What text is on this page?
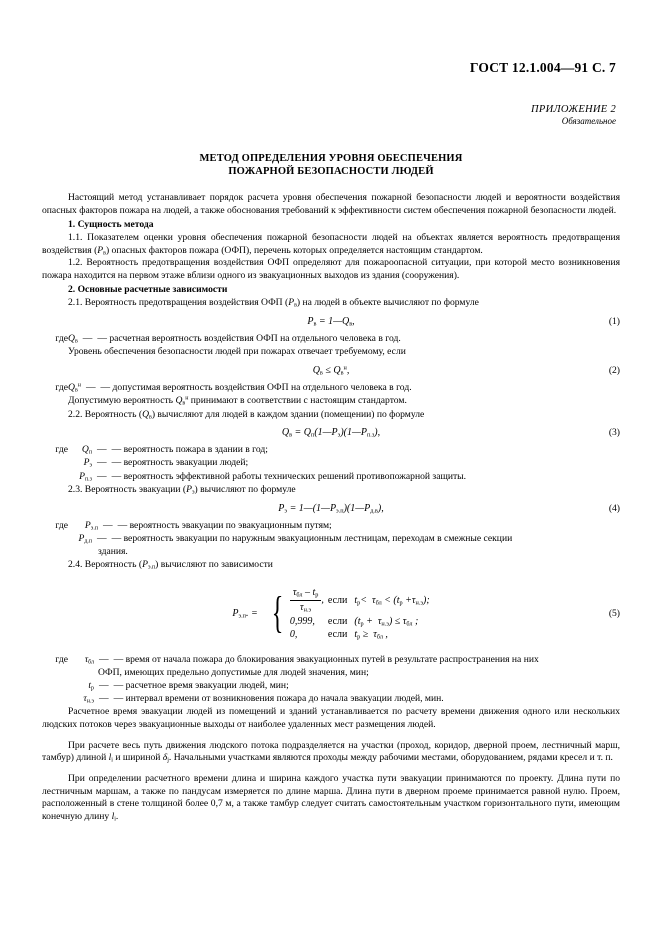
ГОСТ 12.1.004—91 С. 7
ПРИЛОЖЕНИЕ 2
Обязательное
МЕТОД ОПРЕДЕЛЕНИЯ УРОВНЯ ОБЕСПЕЧЕНИЯ
ПОЖАРНОЙ БЕЗОПАСНОСТИ ЛЮДЕЙ

Настоящий метод устанавливает порядок расчета уровня обеспечения пожарной безопасности людей и вероятности воздействия опасных факторов пожара на людей, а также обоснования требований к эффективности систем обеспечения пожарной безопасности людей.

1. Сущность метода

1.1. Показателем оценки уровня обеспечения пожарной безопасности людей на объектах является вероятность предотвращения воздействия $(P_в)$ опасных факторов пожара (ОФП), перечень которых определяется настоящим стандартом.

1.2. Вероятность предотвращения воздействия ОФП определяют для пожароопасной ситуации, при которой место возникновения пожара находится на первом этаже вблизи одного из эвакуационных выходов из здания (сооружения).

2. Основные расчетные зависимости

2.1. Вероятность предотвращения воздействия ОФП $(P_в)$ на людей в объекте вычисляют по формуле

$P_в$ = $1—Q_в$,	(1)
где $Q_в$ — — расчетная вероятность воздействия ОФП на отдельного человека в год.

Уровень обеспечения безопасности людей при пожарах отвечает требуемому, если

$Q_в \le Q_в^н$,	(2)
где $Q_в^н$ — — допустимая вероятность воздействия ОФП на отдельного человека в год.

Допустимую вероятность $Q_в^н$ принимают в соответствии с настоящим стандартом.

2.2. Вероятность $(Q_в)$ вычисляют для людей в каждом здании (помещении) по формуле

$Q_в$ = $Q_п(1—P_э)(1—P_{п.з})$,	(3)
где	$Q_п$ — — вероятность пожара в здании в год;
$P_э$ — — вероятность эвакуации людей;
$P_{п.з}$ — — вероятность эффективной работы технических решений противопожарной защиты.

2.3. Вероятность эвакуации $(P_э)$ вычисляют по формуле

$P_э$ = $1—(1—P_{э.п})(1—P_{д.в})$,	(4)
где	$P_{э.п}$ — — вероятность эвакуации по эвакуационным путям;
$P_{д.п}$ — — вероятность эвакуации по наружным эвакуационным лестницам, переходам в смежные секции
здания.

2.4. Вероятность $(P_{э.п})$ вычисляют по зависимости

$P_{э.п}$. = { $\frac{\tau_{бл} - t_р}{\tau_{н.э}}$ ,	если	$t_р< \tau_{бл} < (t_р +\tau_{н.э})$;
0,999,	если	$(t_р + \tau_{н.э}) \le \tau_{бл}$ ;
0,	если	$t_р \ge \tau_{бл}$ ,
(5)
где	$\tau_{бл}$ — — время от начала пожара до блокирования эвакуационных путей в результате распространения на них
ОФП, имеющих предельно допустимые для людей значения, мин;
$t_р$ — — расчетное время эвакуации людей, мин;
$\tau_{н.э}$ — — интервал времени от возникновения пожара до начала эвакуации людей, мин.

Расчетное время эвакуации людей из помещений и зданий устанавливается по расчету времени движения одного или нескольких людских потоков через эвакуационные выходы от наиболее удаленных мест размещения людей.

При расчете весь путь движения людского потока подразделяется на участки (проход, коридор, дверной проем, лестничный марш, тамбур) длиной $l_i$ и шириной $\delta_j$. Начальными участками являются проходы между рабочими местами, оборудованием, рядами кресел и т. п.

При определении расчетного времени длина и ширина каждого участка пути эвакуации принимаются по проекту. Длина пути по лестничным маршам, а также по пандусам измеряется по длине марша. Длина пути в дверном проеме принимается равной нулю. Проем, расположенный в стене толщиной более 0,7 м, а также тамбур следует считать самостоятельным участком горизонтального пути, имеющим конечную длину $l_i$.
